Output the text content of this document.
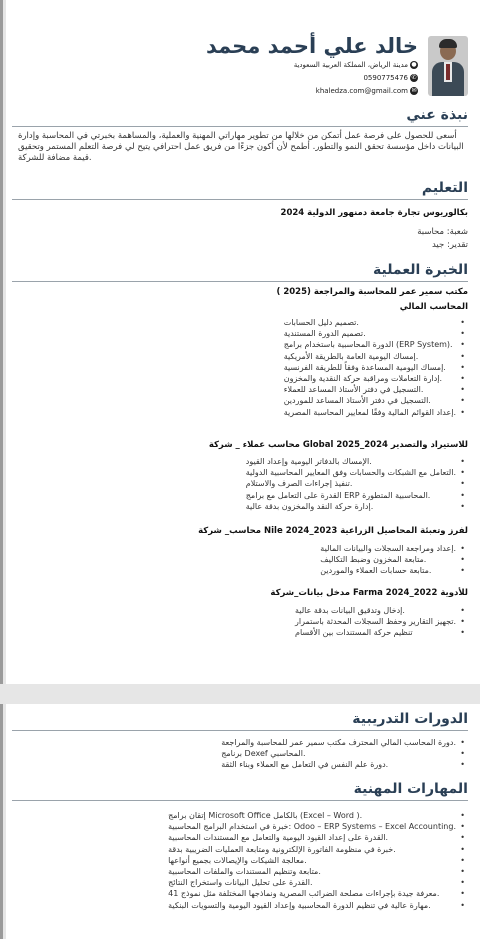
خالد علي أحمد محمد
●مدينة الرياض، المملكة العربية السعودية
✆0590775476
✉khaledza.com@gmail.com
نبذة عني
أسعى للحصول على فرصة عمل أتمكن من خلالها من تطوير مهاراتي المهنية والعملية، والمساهمة بخبرتي في المحاسبة وإدارة البيانات داخل مؤسسة تحقق النمو والتطور. أطمح لأن أكون جزءًا من فريق عمل احترافي يتيح لي فرصة التعلم المستمر وتحقيق قيمة مضافة للشركة.
التعليم
بكالوريوس تجارة جامعة دمنهور الدولية 2024
شعبة: محاسبة
تقدير: جيد
الخبرة العملية
مكتب سمير عمر للمحاسبة والمراجعة (2025 )
المحاسب المالي
• تصميم دليل الحسابات.
• تصميم الدورة المستندية.
• الدورة المحاسبية باستخدام برامج (ERP System).
• إمساك اليومية العامة بالطريقة الأمريكية.
• إمساك اليومية المساعدة وفقاً للطريقة الفرنسية.
• إدارة التعاملات ومراقبة حركة النقدية والمخزون.
• التسجيل في دفتر الأستاذ المساعد للعملاء.
• التسجيل في دفتر الأستاذ المساعد للموردين.
• إعداد القوائم المالية وفقًا لمعايير المحاسبة المصرية.
محاسب عملاء _ شركة Global للاستيراد والتصدير 2024_2025
• الإمساك بالدفاتر اليومية وإعداد القيود.
• التعامل مع الشبكات والحسابات وفق المعايير المحاسبية الدولية.
• تنفيذ إجراءات الصرف والاستلام.
• القدرة على التعامل مع برامج ERP المحاسبية المتطورة.
• إدارة حركة النقد والمخزون بدقة عالية.
محاسب_ شركة Nile لفرز وتعبئة المحاصيل الزراعية 2023_2024
• إعداد ومراجعة السجلات والبيانات المالية.
• متابعة المخزون وضبط التكاليف.
• متابعة حسابات العملاء والموردين.
مدخل بيانات_شركة Farma للأدوية 2022_2024
• إدخال وتدقيق البيانات بدقة عالية.
• تجهيز التقارير وحفظ السجلات المحدثة باستمرار.
• تنظيم حركة المستندات بين الأقسام
الدورات التدريبية
• دورة المحاسب المالي المحترف مكتب سمير عمر للمحاسبة والمراجعة.
• برنامج Dexef المحاسبي.
• دورة علم النفس في التعامل مع العملاء وبناء الثقة.
المهارات المهنية
• إتقان برامج Microsoft Office بالكامل (Excel – Word ).
• خبرة في استخدام البرامج المحاسبية: Odoo – ERP Systems – Excel Accounting.
• القدرة على إعداد القيود اليومية والتعامل مع المستندات المحاسبية.
• خبرة في منظومة الفاتورة الإلكترونية ومتابعة العمليات الضريبية بدقة.
• معالجة الشيكات والإيصالات بجميع أنواعها.
• متابعة وتنظيم المستندات والملفات المحاسبية.
• القدرة على تحليل البيانات واستخراج النتائج.
• معرفة جيدة بإجراءات مصلحة الضرائب المصرية ونماذجها المختلفة مثل نموذج 41.
• مهارة عالية في تنظيم الدورة المحاسبية وإعداد القيود اليومية والتسويات البنكية.
